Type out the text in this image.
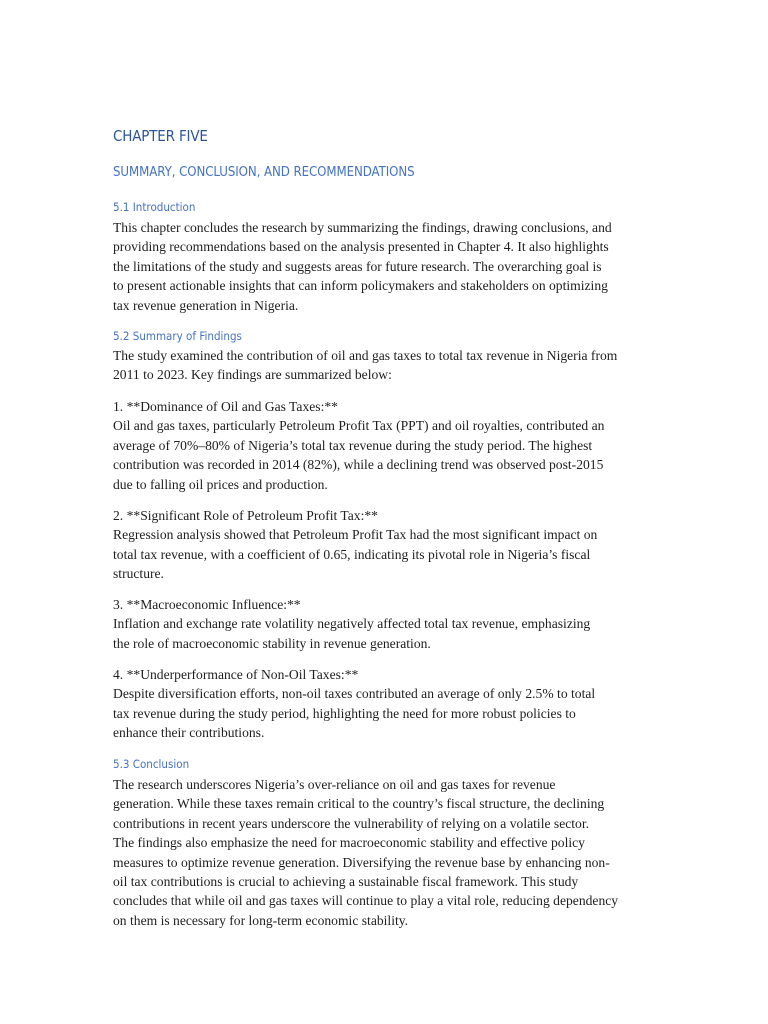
CHAPTER FIVE
SUMMARY, CONCLUSION, AND RECOMMENDATIONS
5.1 Introduction

This chapter concludes the research by summarizing the findings, drawing conclusions, and
providing recommendations based on the analysis presented in Chapter 4. It also highlights
the limitations of the study and suggests areas for future research. The overarching goal is
to present actionable insights that can inform policymakers and stakeholders on optimizing
tax revenue generation in Nigeria.

5.2 Summary of Findings

The study examined the contribution of oil and gas taxes to total tax revenue in Nigeria from
2011 to 2023. Key findings are summarized below:

1. **Dominance of Oil and Gas Taxes:**
Oil and gas taxes, particularly Petroleum Profit Tax (PPT) and oil royalties, contributed an
average of 70%–80% of Nigeria’s total tax revenue during the study period. The highest
contribution was recorded in 2014 (82%), while a declining trend was observed post-2015
due to falling oil prices and production.

2. **Significant Role of Petroleum Profit Tax:**
Regression analysis showed that Petroleum Profit Tax had the most significant impact on
total tax revenue, with a coefficient of 0.65, indicating its pivotal role in Nigeria’s fiscal
structure.

3. **Macroeconomic Influence:**
Inflation and exchange rate volatility negatively affected total tax revenue, emphasizing
the role of macroeconomic stability in revenue generation.

4. **Underperformance of Non-Oil Taxes:**
Despite diversification efforts, non-oil taxes contributed an average of only 2.5% to total
tax revenue during the study period, highlighting the need for more robust policies to
enhance their contributions.

5.3 Conclusion

The research underscores Nigeria’s over-reliance on oil and gas taxes for revenue
generation. While these taxes remain critical to the country’s fiscal structure, the declining
contributions in recent years underscore the vulnerability of relying on a volatile sector.
The findings also emphasize the need for macroeconomic stability and effective policy
measures to optimize revenue generation. Diversifying the revenue base by enhancing non-
oil tax contributions is crucial to achieving a sustainable fiscal framework. This study
concludes that while oil and gas taxes will continue to play a vital role, reducing dependency
on them is necessary for long-term economic stability.
